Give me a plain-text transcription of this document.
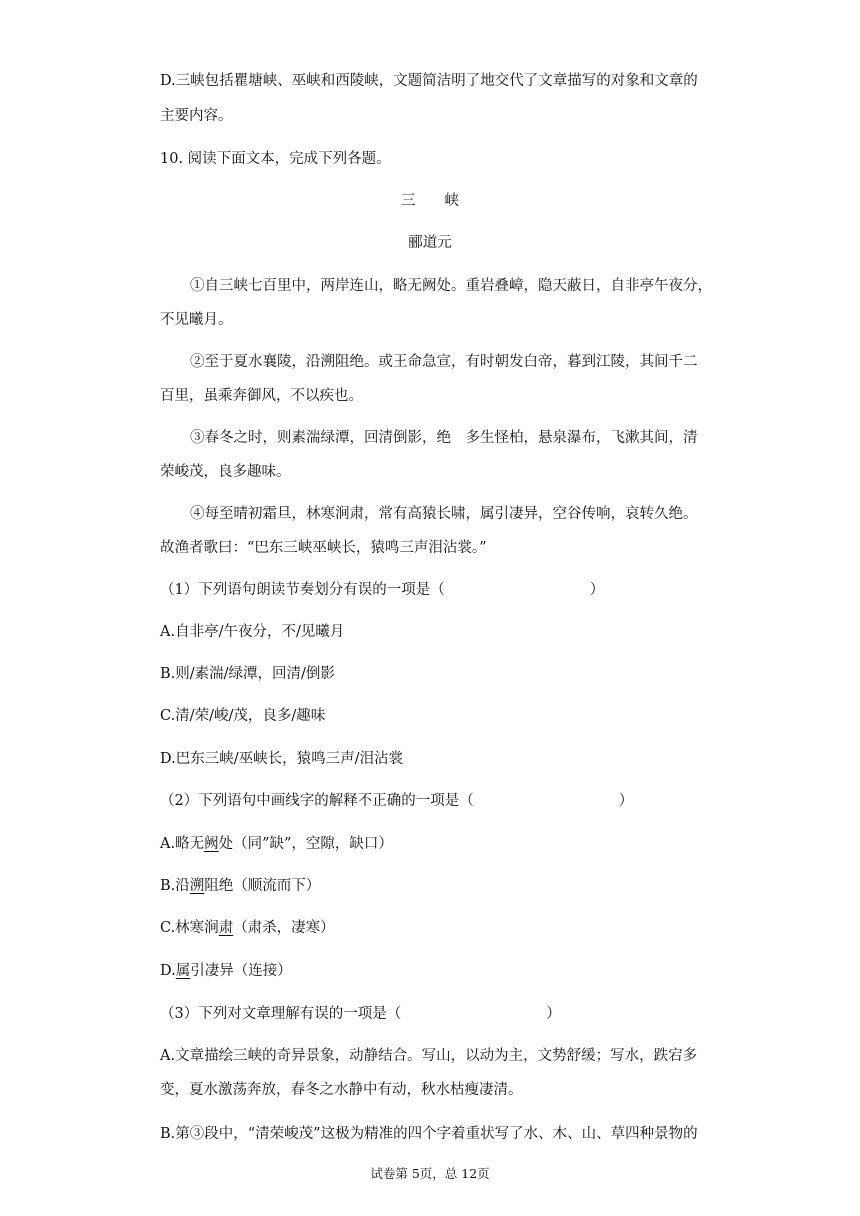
D.三峡包括瞿塘峡、巫峡和西陵峡，文题简洁明了地交代了文章描写的对象和文章的
主要内容。
10. 阅读下面文本，完成下列各题。
三　　峡
郦道元
①自三峡七百里中，两岸连山，略无阙处。重岩叠嶂，隐天蔽日，自非亭午夜分，
不见曦月。
②至于夏水襄陵，沿溯阻绝。或王命急宣，有时朝发白帝，暮到江陵，其间千二
百里，虽乘奔御风，不以疾也。
③春冬之时，则素湍绿潭，回清倒影，绝　多生怪柏，悬泉瀑布，飞漱其间，清
荣峻茂，良多趣味。
④每至晴初霜旦，林寒涧肃，常有高猿长啸，属引凄异，空谷传响，哀转久绝。
故渔者歌曰：“巴东三峡巫峡长，猿鸣三声泪沾裳。”
（1）下列语句朗读节奏划分有误的一项是（　　　　　　　　　　）
A.自非亭/午夜分，不/见曦月
B.则/素湍/绿潭，回清/倒影
C.清/荣/峻/茂，良多/趣味
D.巴东三峡/巫峡长，猿鸣三声/泪沾裳
（2）下列语句中画线字的解释不正确的一项是（　　　　　　　　　　）
A.略无阙处（同”缺”，空隙，缺口）
B.沿溯阻绝（顺流而下）
C.林寒涧肃（肃杀，凄寒）
D.属引凄异（连接）
（3）下列对文章理解有误的一项是（　　　　　　　　　　）
A.文章描绘三峡的奇异景象，动静结合。写山，以动为主，文势舒缓；写水，跌宕多
变，夏水激荡奔放，春冬之水静中有动，秋水枯瘦凄清。
B.第③段中，“清荣峻茂”这极为精准的四个字着重状写了水、木、山、草四种景物的
试卷第 5页，总 12页
